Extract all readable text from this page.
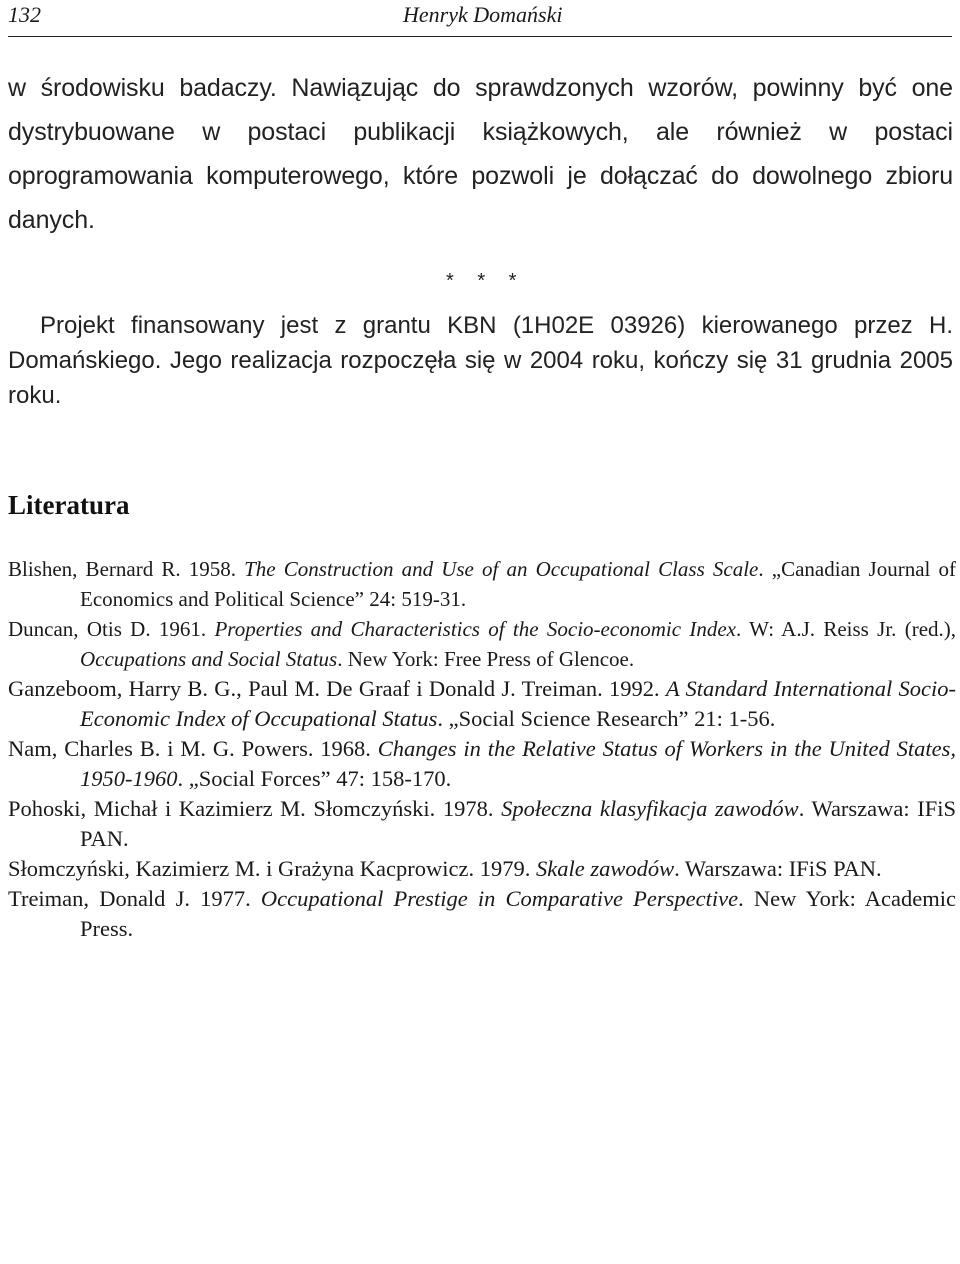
132	Henryk Domański

w środowisku badaczy. Nawiązując do sprawdzonych wzorów, powinny być one dystrybuowane w postaci publikacji książkowych, ale również w postaci oprogramowania komputerowego, które pozwoli je dołączać do dowolnego zbioru danych.

* * *

Projekt finansowany jest z grantu KBN (1H02E 03926) kierowanego przez H. Domańskiego. Jego realizacja rozpoczęła się w 2004 roku, kończy się 31 grudnia 2005 roku.

Literatura
Blishen, Bernard R. 1958. The Construction and Use of an Occupational Class Scale. „Canadian Journal of Economics and Political Science” 24: 519-31.
Duncan, Otis D. 1961. Properties and Characteristics of the Socio-economic Index. W: A.J. Reiss Jr. (red.), Occupations and Social Status. New York: Free Press of Glencoe.
Ganzeboom, Harry B. G., Paul M. De Graaf i Donald J. Treiman. 1992. A Standard International Socio-Economic Index of Occupational Status. „Social Science Research” 21: 1-56.
Nam, Charles B. i M. G. Powers. 1968. Changes in the Relative Status of Workers in the United States, 1950-1960. „Social Forces” 47: 158-170.
Pohoski, Michał i Kazimierz M. Słomczyński. 1978. Społeczna klasyfikacja zawodów. Warszawa: IFiS PAN.
Słomczyński, Kazimierz M. i Grażyna Kacprowicz. 1979. Skale zawodów. Warszawa: IFiS PAN.
Treiman, Donald J. 1977. Occupational Prestige in Comparative Perspective. New York: Academic Press.
